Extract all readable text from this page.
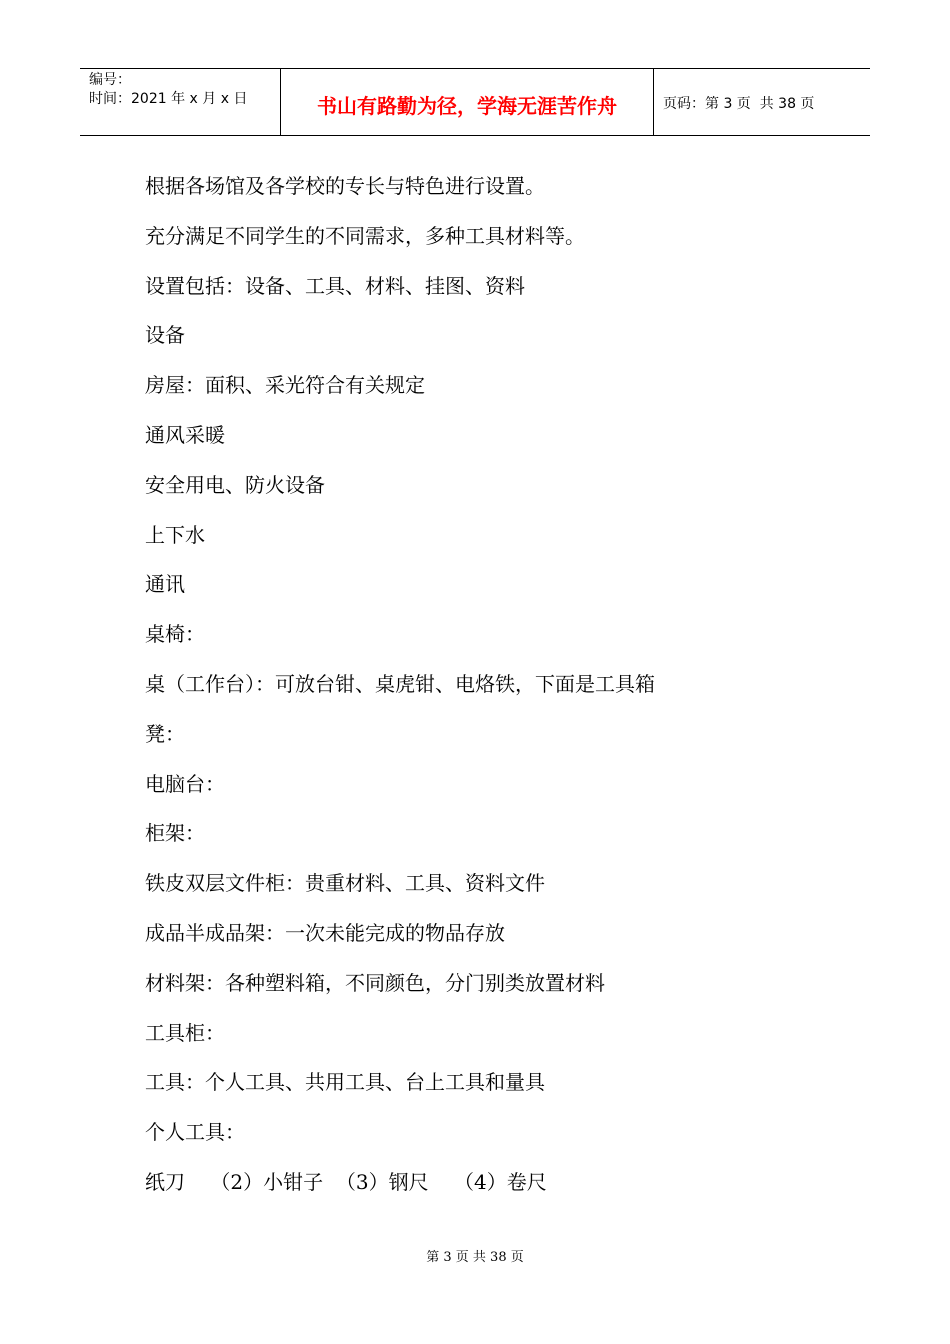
编号：
时间：2021 年 x 月 x 日	书山有路勤为径，学海无涯苦作舟	页码：第 3 页  共 38 页
根据各场馆及各学校的专长与特色进行设置。
充分满足不同学生的不同需求，多种工具材料等。
设置包括：设备、工具、材料、挂图、资料
设备
房屋：面积、采光符合有关规定
通风采暖
安全用电、防火设备
上下水
通讯
桌椅：
桌（工作台）：可放台钳、桌虎钳、电烙铁，下面是工具箱
凳：
电脑台：
柜架：
铁皮双层文件柜：贵重材料、工具、资料文件
成品半成品架：一次未能完成的物品存放
材料架：各种塑料箱，不同颜色，分门别类放置材料
工具柜：
工具：个人工具、共用工具、台上工具和量具
个人工具：
纸刀    （2）小钳子  （3）钢尺    （4）卷尺
第 3 页 共 38 页
